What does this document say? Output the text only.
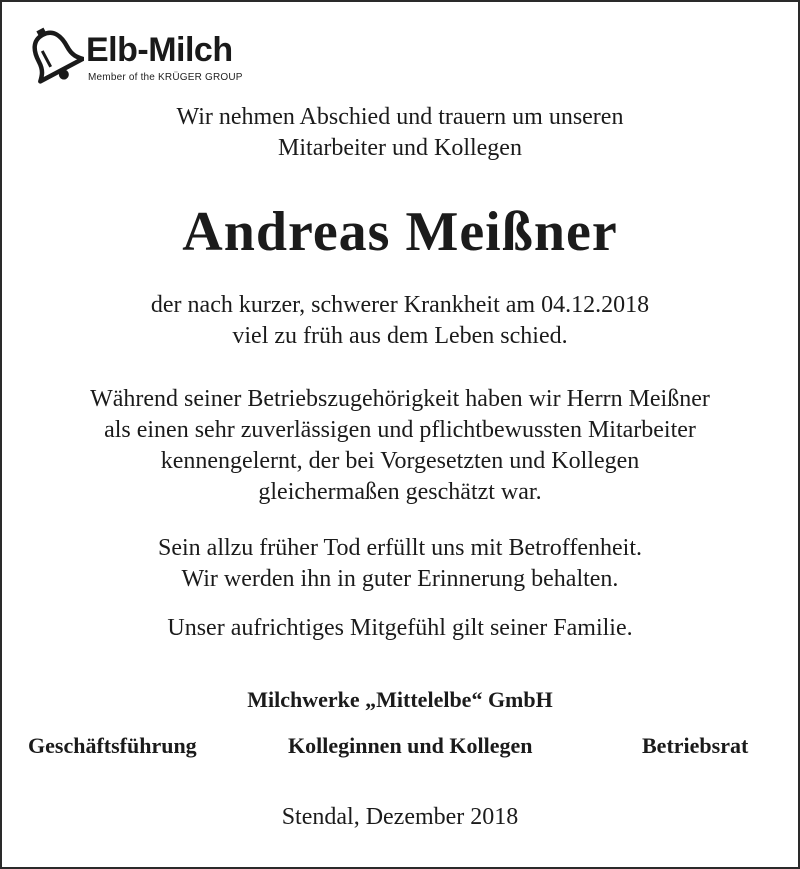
Elb-Milch
Member of the KRÜGER GROUP
Wir nehmen Abschied und trauern um unseren
Mitarbeiter und Kollegen
Andreas Meißner
der nach kurzer, schwerer Krankheit am 04.12.2018
viel zu früh aus dem Leben schied.
Während seiner Betriebszugehörigkeit haben wir Herrn Meißner
als einen sehr zuverlässigen und pflichtbewussten Mitarbeiter
kennengelernt, der bei Vorgesetzten und Kollegen
gleichermaßen geschätzt war.
Sein allzu früher Tod erfüllt uns mit Betroffenheit.
Wir werden ihn in guter Erinnerung behalten.
Unser aufrichtiges Mitgefühl gilt seiner Familie.
Milchwerke „Mittelelbe“ GmbH
Geschäftsführung	Kolleginnen und Kollegen	Betriebsrat
Stendal, Dezember 2018
